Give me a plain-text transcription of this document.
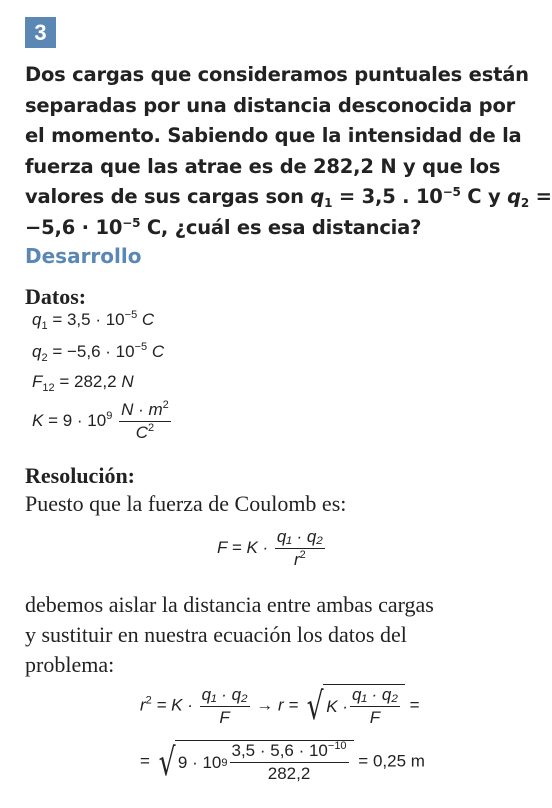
3
Dos cargas que consideramos puntuales están
separadas por una distancia desconocida por
el momento. Sabiendo que la intensidad de la
fuerza que las atrae es de 282,2 N y que los
valores de sus cargas son $q_1 = 3,5$ . $10^{-5}$ C y $q_2$ =
$-5,6 \cdot 10^{-5}$ C, ¿cuál es esa distancia?
Desarrollo
Datos:
$q_1 = 3,5 \cdot 10^{-5}$ C
$q_2 = -5,6 \cdot 10^{-5}$ C
$F_{12} = 282,2$ N
$K = 9 \cdot 10^9 \frac{N \cdot m^2}{C^2}$
Resolución:
Puesto que la fuerza de Coulomb es:
$F = K \cdot \frac{\text{q₁ · q₂}}{r^2}$
debemos aislar la distancia entre ambas cargas
y sustituir en nuestra ecuación los datos del
problema:
$r^2 = K \cdot \frac{\text{q₁ · q₂}}{F} \to r$ = √ $K \cdot \frac{\text{q₁ · q₂}}{F}$ =
= √ 9 · 10 $9 \frac{3,5 \cdot 5,6 \cdot 10^{-10}}{282,2} = 0,25$ m
